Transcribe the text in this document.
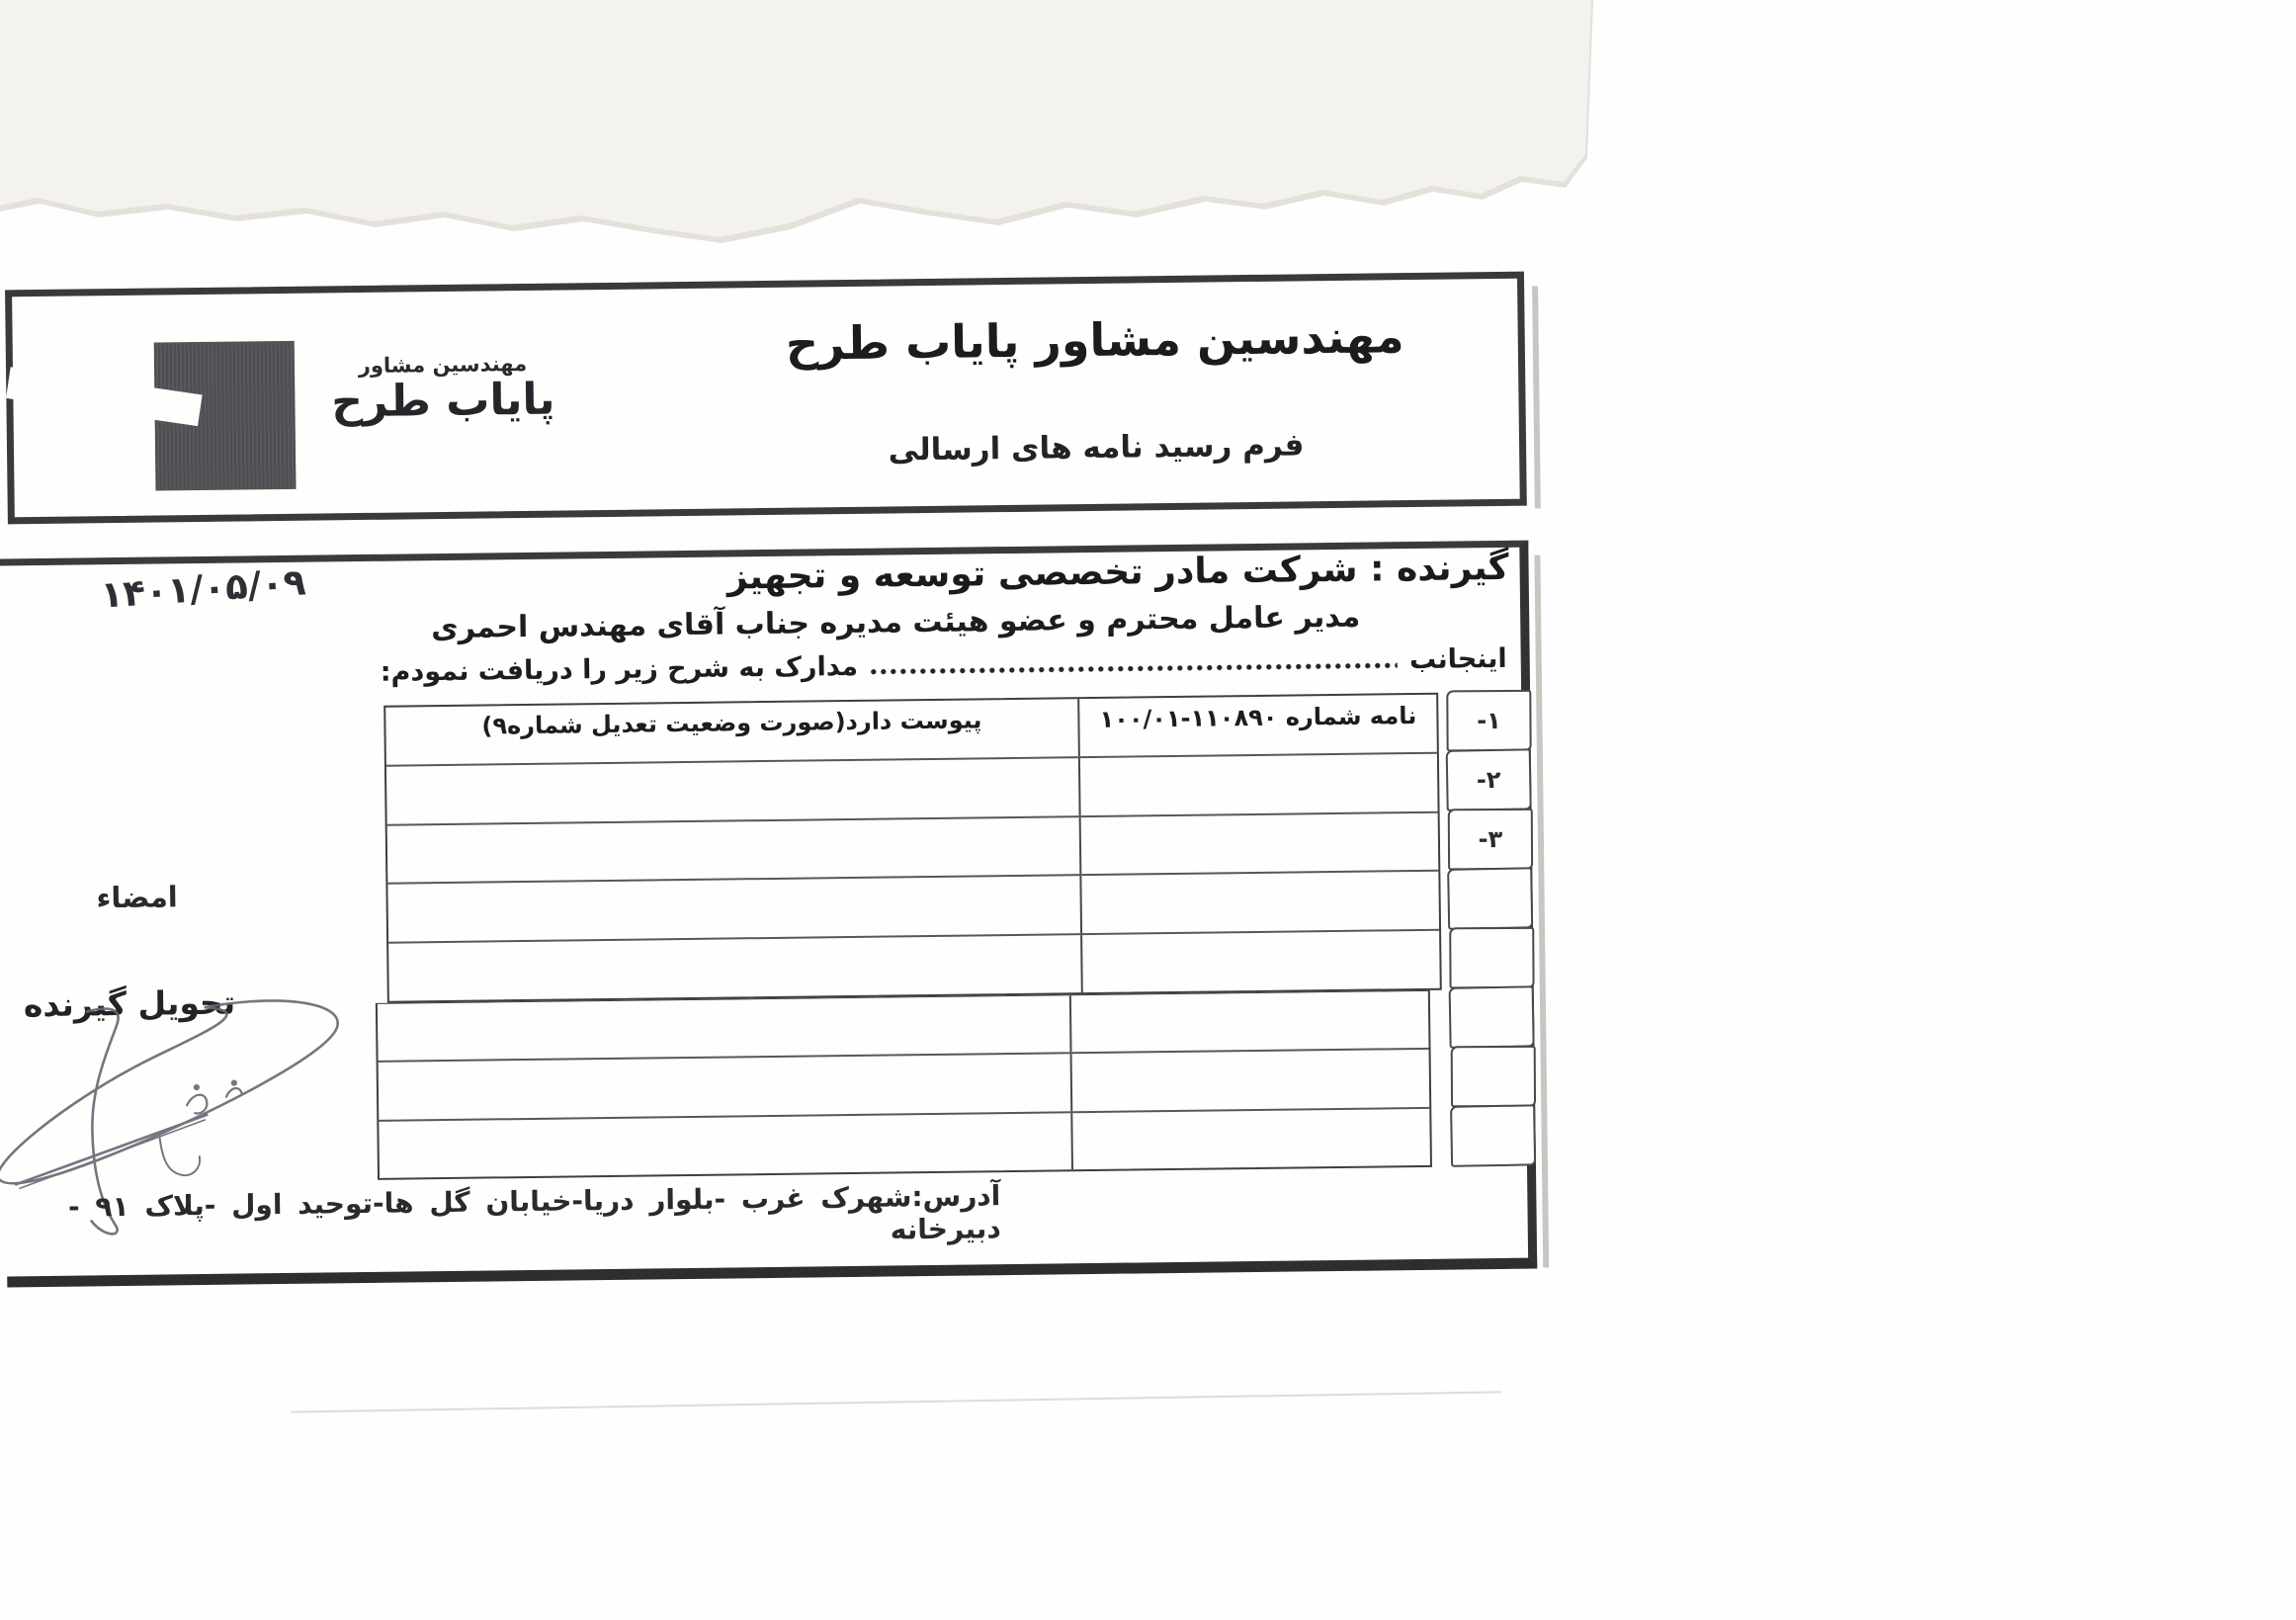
مهندسین مشاور
پایاب طرح
مهندسین مشاور پایاب طرح
فرم رسید نامه های ارسالی
۱۴۰۱/۰۵/۰۹	گیرنده : شرکت مادر تخصصی توسعه و تجهیز
مدیر عامل محترم و عضو هیئت مدیره جناب آقای مهندس احمری
اینجانب
مدارک به شرح زیر را دریافت نمودم:
پیوست دارد(صورت وضعیت تعدیل شماره۹)	نامه شماره ۱۱۰۸۹۰-۱۰۰/۰۱	۱-
۲-
۳-
امضاء
تحویل گیرنده
آدرس:شهرک غرب -بلوار دریا-خیابان گل ها-توحید اول -پلاک ۹۱ - دبیرخانه
